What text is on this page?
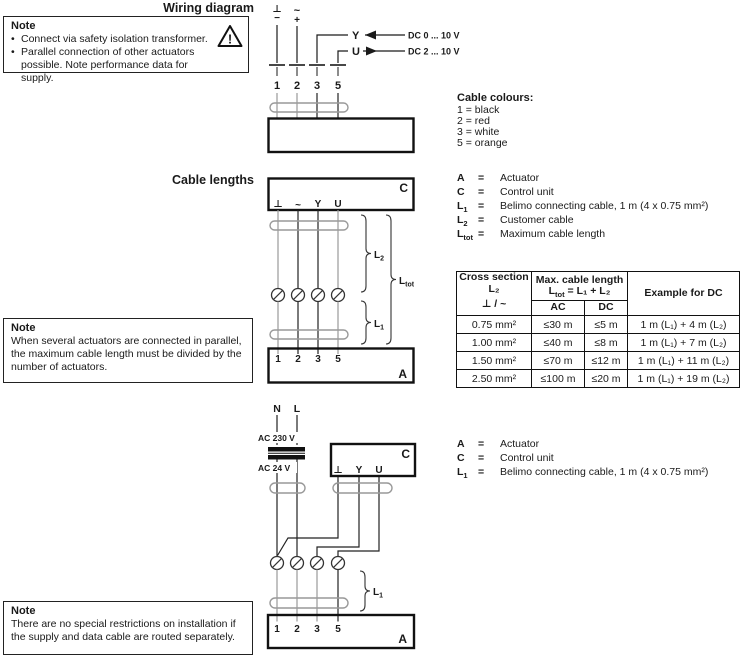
Wiring diagram
Note
• Connect via safety isolation transformer.
• Parallel connection of other actuators possible. Note performance data for supply.
!
⊥
−
~
+
Y
U
DC 0 ... 10 V
DC 2 ... 10 V
1 2 3 5
Cable colours:
1 = black
2 = red
3 = white
5 = orange
Cable lengths
C
⊥ ~ Y U
1 2 3 5
A
$L_2$
$L_{tot}$
$L_1$
A	=	Actuator
C	=	Control unit
$L_1$ =	Belimo connecting cable, 1 m (4 x 0.75 mm²)
$L_2$ =	Customer cable
$L_{tot}$ =	Maximum cable length
Cross section
L₂
⊥ / ~

Max. cable length
$L_{tot} = L_1 + L_2$	Example for DC
	AC	DC	
0.75 mm²	≤30 m	≤5 m	1 m (L₁) + 4 m (L₂)
1.00 mm²	≤40 m	≤8 m	1 m (L₁) + 7 m (L₂)
1.50 mm²	≤70 m	≤12 m	1 m (L₁) + 11 m (L₂)
2.50 mm²	≤100 m	≤20 m	1 m (L₁) + 19 m (L₂)
Note
When several actuators are connected in parallel, the maximum cable length must be divided by the number of actuators.
AC 230 V
AC 24 V
N L
C
⊥ Y U
1 2 3 5
A
$L_1$
A	=	Actuator
C	=	Control unit
$L_1$ =	Belimo connecting cable, 1 m (4 x 0.75 mm²)
Note
There are no special restrictions on installation if the supply and data cable are routed separately.
